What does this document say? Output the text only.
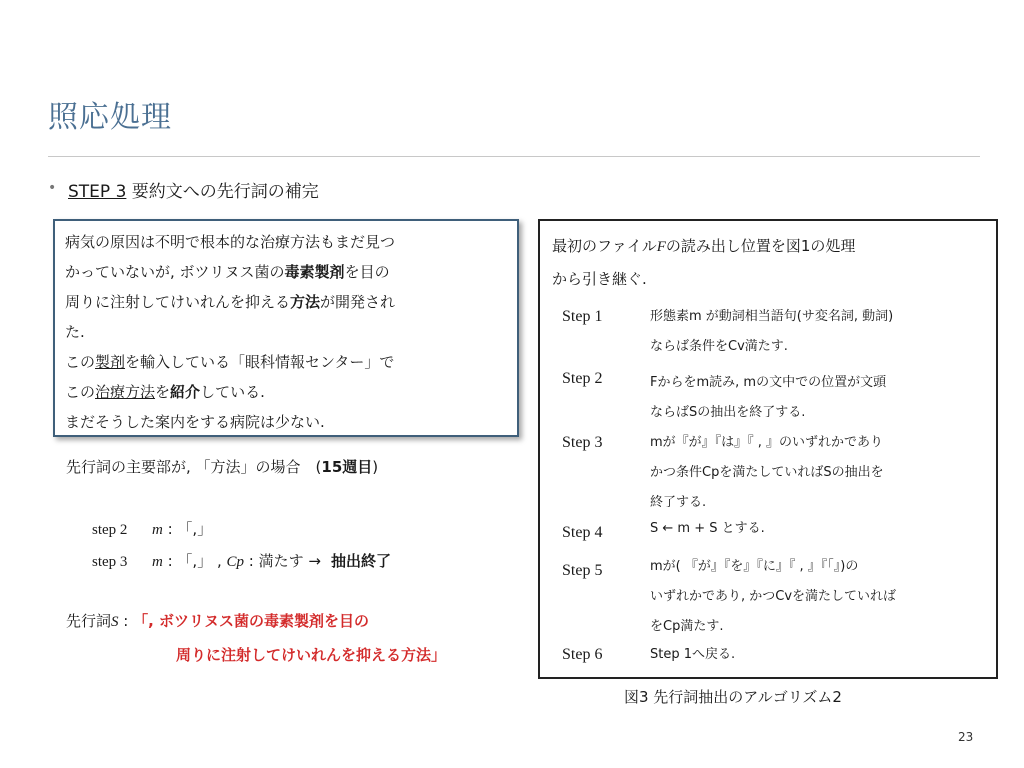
照応処理
• STEP 3 要約文への先行詞の補完

病気の原因は不明で根本的な治療方法もまだ見つ

かっていないが, ボツリヌス菌の毒素製剤を目の

周りに注射してけいれんを抑える方法が開発され

た.

この製剤を輸入している「眼科情報センター」で

この治療方法を紹介している.

まだそうした案内をする病院は少ない.

先行詞の主要部が, 「方法」の場合　(15週目)
step 2 m : 「,」
step 3 m : 「,」 , Cp : 満たす → 抽出終了
先行詞S : 「, ボツリヌス菌の毒素製剤を目の
周りに注射してけいれんを抑える方法」
最初のファイルFの読み出し位置を図1の処理
から引き継ぐ.
Step 1	形態素m が動詞相当語句(サ変名詞, 動詞)
ならば条件をCv満たす.
Step 2	Fからをm読み, mの文中での位置が文頭
ならばSの抽出を終了する.
Step 3	mが『が』『は』『 , 』のいずれかであり
かつ条件Cpを満たしていればSの抽出を
終了する.
Step 4	S ← m + S とする.
Step 5	mが( 『が』『を』『に』『 , 』『「』)の
いずれかであり, かつCvを満たしていれば
をCp満たす.
Step 6	Step 1へ戻る.
図3 先行詞抽出のアルゴリズム2
23
